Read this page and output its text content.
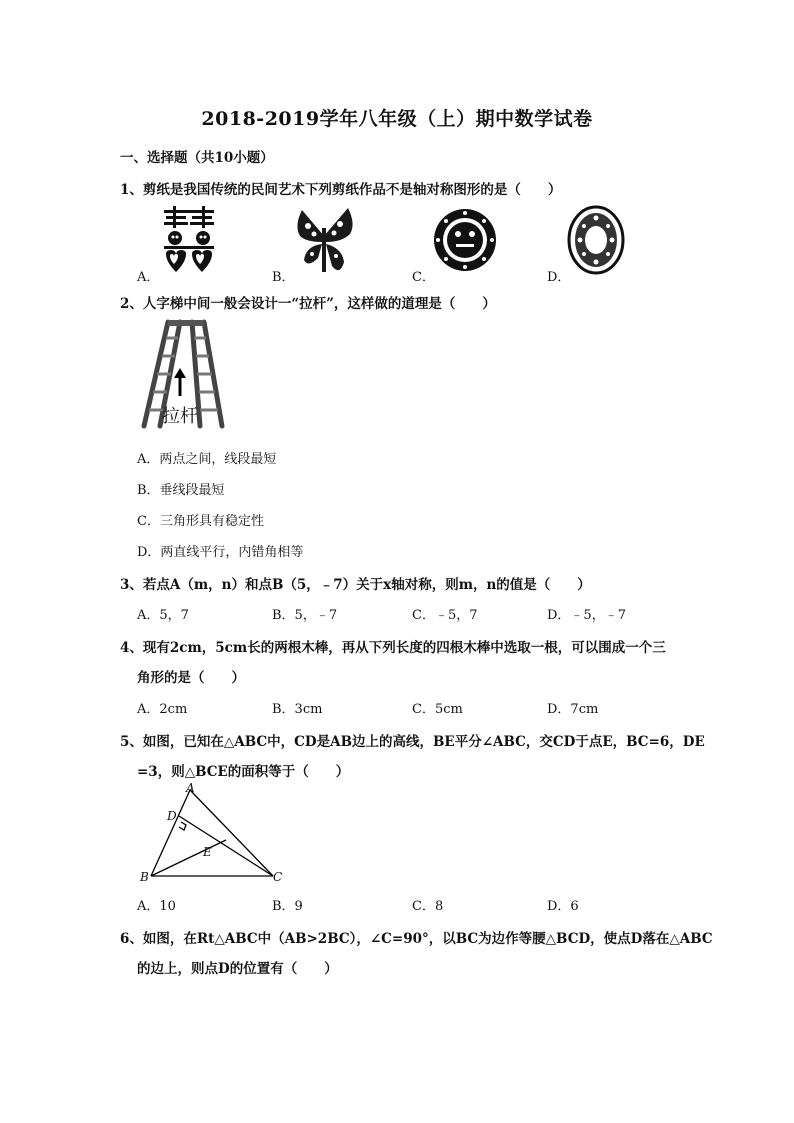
2018-2019学年八年级（上）期中数学试卷
一、选择题（共10小题）
1、剪纸是我国传统的民间艺术下列剪纸作品不是轴对称图形的是（　　）
A．	B．	C．	D．
2、人字梯中间一般会设计一“拉杆”，这样做的道理是（　　）
拉杆
A．两点之间，线段最短
B．垂线段最短
C．三角形具有稳定性
D．两直线平行，内错角相等
3、若点A（m，n）和点B（5，﹣7）关于x轴对称，则m，n的值是（　　）
A．5，7	B．5，﹣7	C．﹣5，7	D．﹣5，﹣7
4、现有2cm，5cm长的两根木棒，再从下列长度的四根木棒中选取一根，可以围成一个三
角形的是（　　）
A．2cm	B．3cm	C．5cm	D．7cm
5、如图，已知在△ABC中，CD是AB边上的高线，BE平分∠ABC，交CD于点E，BC=6，DE
=3，则△BCE的面积等于（　　）
A
D
E
B	C
A．10	B．9	C．8	D．6
6、如图，在Rt△ABC中（AB>2BC），∠C=90°，以BC为边作等腰△BCD，使点D落在△ABC
的边上，则点D的位置有（　　）
